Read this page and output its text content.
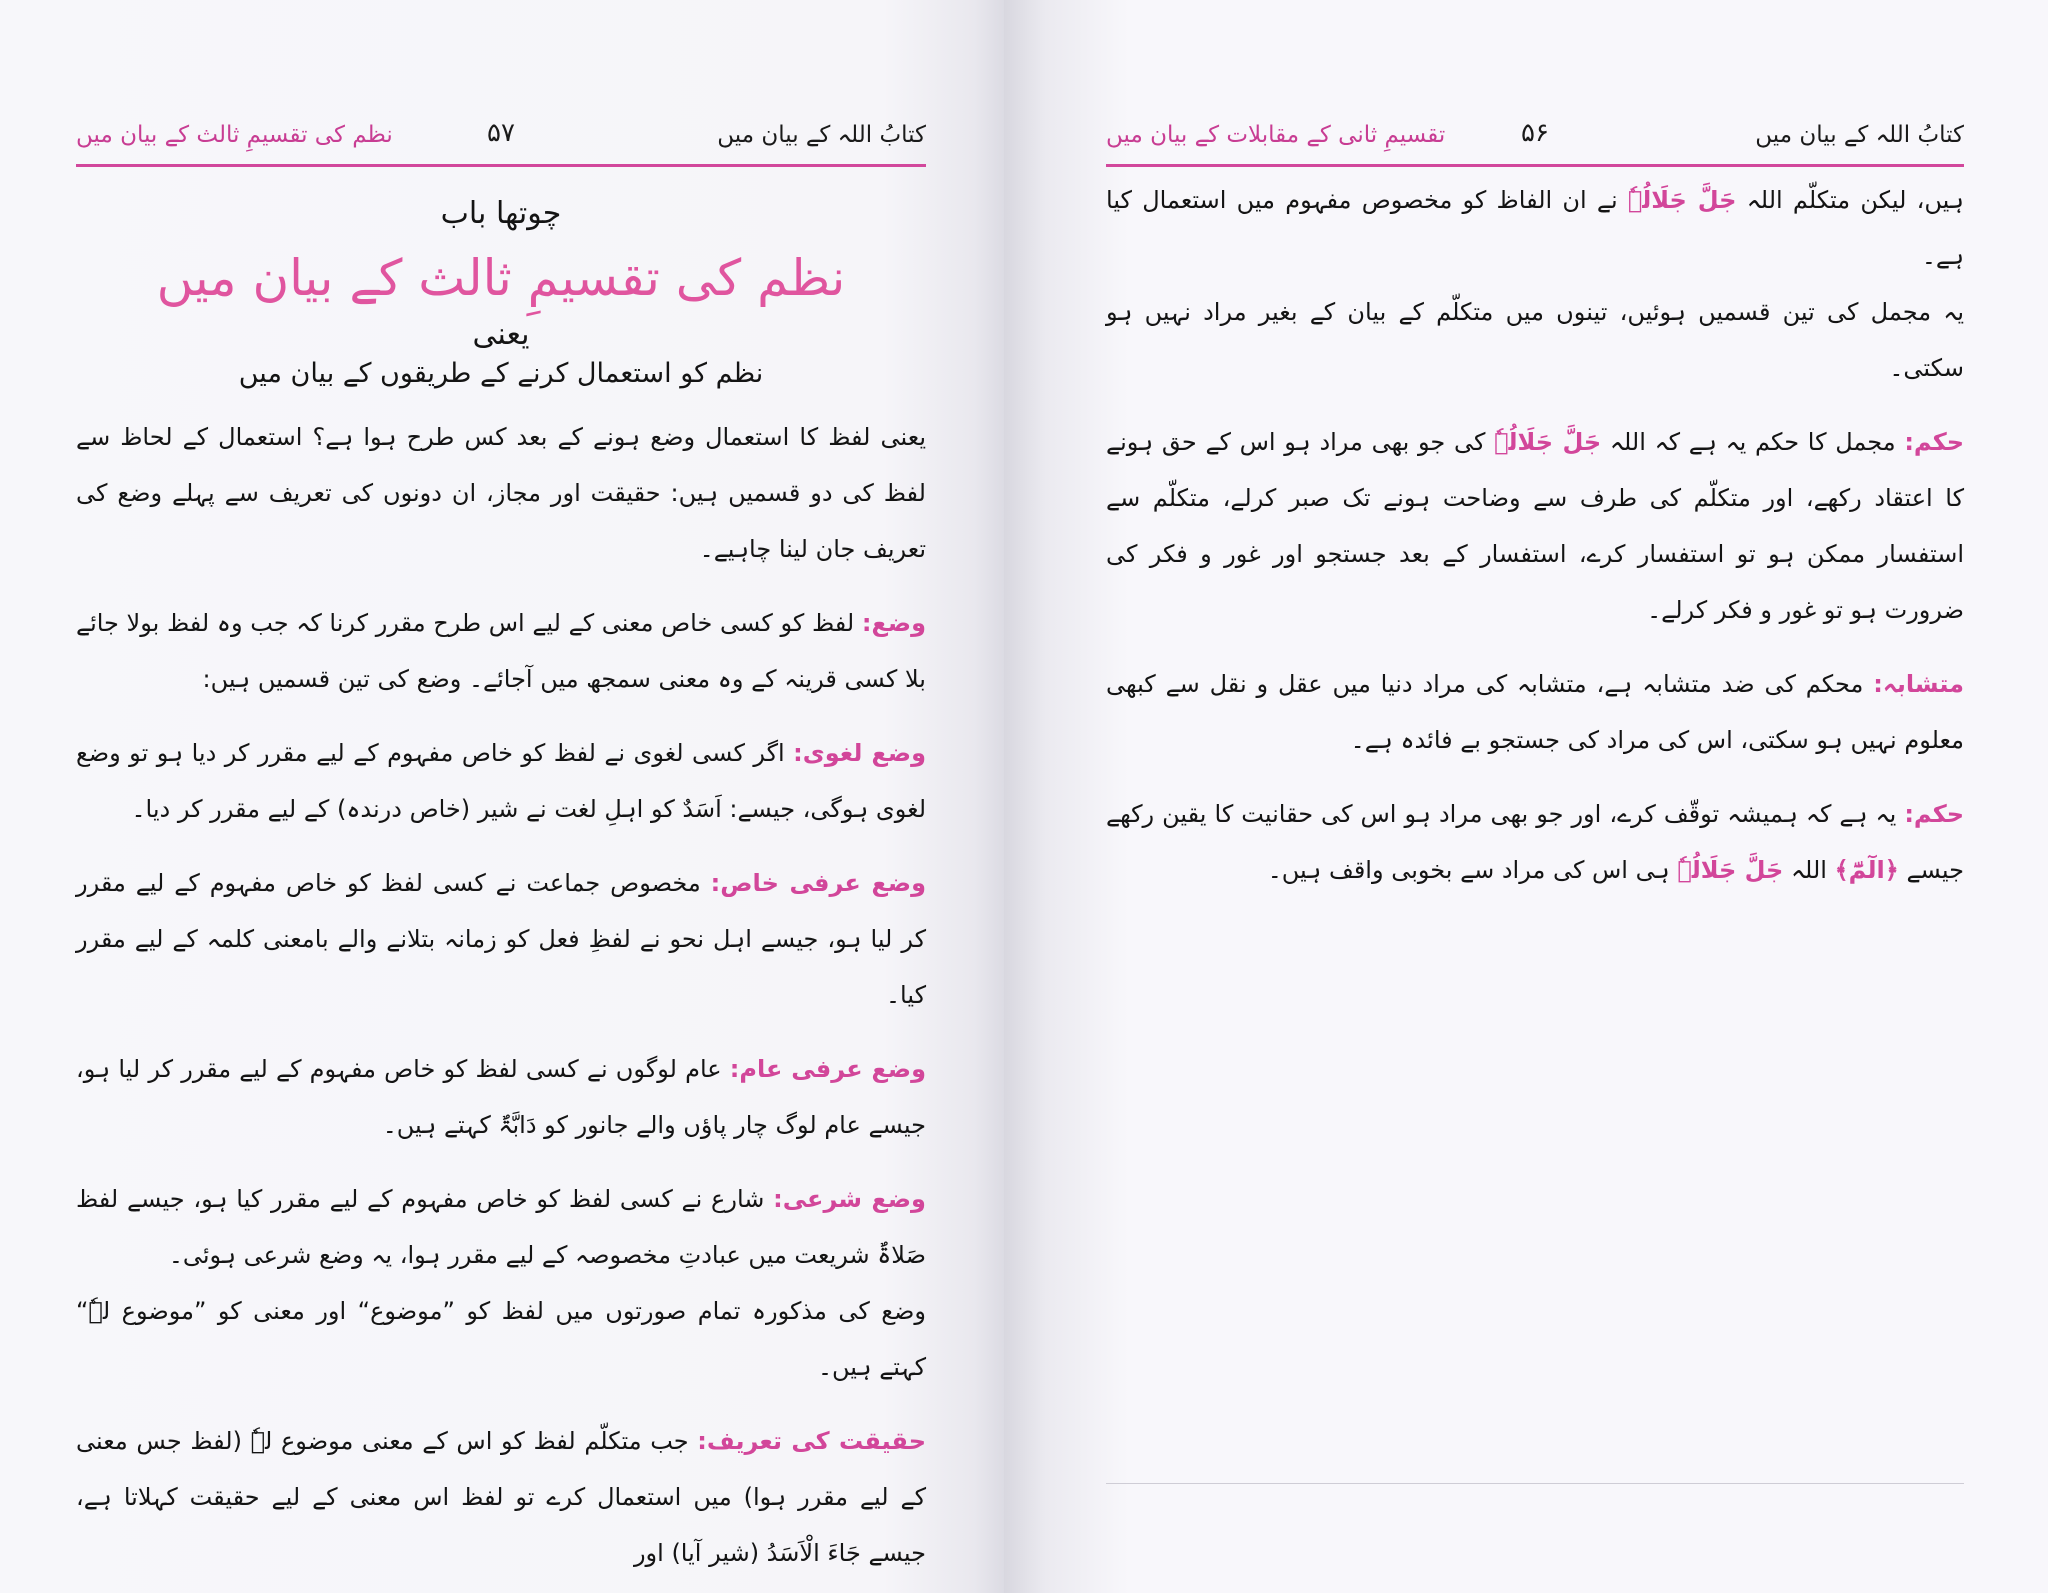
کتابُ اللہ کے بیان میں
۵۷
نظم کی تقسیمِ ثالث کے بیان میں
چوتھا باب
نظم کی تقسیمِ ثالث کے بیان میں
یعنی
نظم کو استعمال کرنے کے طریقوں کے بیان میں

یعنی لفظ کا استعمال وضع ہونے کے بعد کس طرح ہوا ہے؟ استعمال کے لحاظ سے لفظ کی دو قسمیں ہیں: حقیقت اور مجاز، ان دونوں کی تعریف سے پہلے وضع کی تعریف جان لینا چاہیے۔

وضع: لفظ کو کسی خاص معنی کے لیے اس طرح مقرر کرنا کہ جب وہ لفظ بولا جائے بلا کسی قرینہ کے وہ معنی سمجھ میں آجائے۔ وضع کی تین قسمیں ہیں:

وضع لغوی: اگر کسی لغوی نے لفظ کو خاص مفہوم کے لیے مقرر کر دیا ہو تو وضع لغوی ہوگی، جیسے: اَسَدٌ کو اہلِ لغت نے شیر (خاص درندہ) کے لیے مقرر کر دیا۔

وضع عرفی خاص: مخصوص جماعت نے کسی لفظ کو خاص مفہوم کے لیے مقرر کر لیا ہو، جیسے اہل نحو نے لفظِ فعل کو زمانہ بتلانے والے بامعنی کلمہ کے لیے مقرر کیا۔

وضع عرفی عام: عام لوگوں نے کسی لفظ کو خاص مفہوم کے لیے مقرر کر لیا ہو، جیسے عام لوگ چار پاؤں والے جانور کو دَابَّۃٌ کہتے ہیں۔

وضع شرعی: شارع نے کسی لفظ کو خاص مفہوم کے لیے مقرر کیا ہو، جیسے لفظ صَلاۃٌ شریعت میں عبادتِ مخصوصہ کے لیے مقرر ہوا، یہ وضع شرعی ہوئی۔

وضع کی مذکورہ تمام صورتوں میں لفظ کو ”موضوع“ اور معنی کو ”موضوع لہٗ“ کہتے ہیں۔

حقیقت کی تعریف: جب متکلّم لفظ کو اس کے معنی موضوع لہٗ (لفظ جس معنی کے لیے مقرر ہوا) میں استعمال کرے تو لفظ اس معنی کے لیے حقیقت کہلاتا ہے، جیسے جَاءَ الْاَسَدُ (شیر آیا) اور

کتابُ اللہ کے بیان میں
۵۶
تقسیمِ ثانی کے مقابلات کے بیان میں

ہیں، لیکن متکلّم اللہ جَلَّ جَلَالُہٗ نے ان الفاظ کو مخصوص مفہوم میں استعمال کیا ہے۔

یہ مجمل کی تین قسمیں ہوئیں، تینوں میں متکلّم کے بیان کے بغیر مراد نہیں ہو سکتی۔

حکم: مجمل کا حکم یہ ہے کہ اللہ جَلَّ جَلَالُہٗ کی جو بھی مراد ہو اس کے حق ہونے کا اعتقاد رکھے، اور متکلّم کی طرف سے وضاحت ہونے تک صبر کرلے، متکلّم سے استفسار ممکن ہو تو استفسار کرے، استفسار کے بعد جستجو اور غور و فکر کی ضرورت ہو تو غور و فکر کرلے۔

متشابہ: محکم کی ضد متشابہ ہے، متشابہ کی مراد دنیا میں عقل و نقل سے کبھی معلوم نہیں ہو سکتی، اس کی مراد کی جستجو بے فائدہ ہے۔

حکم: یہ ہے کہ ہمیشہ توقّف کرے، اور جو بھی مراد ہو اس کی حقانیت کا یقین رکھے جیسے ﴿الٓمّٓ﴾ اللہ جَلَّ جَلَالُہٗ ہی اس کی مراد سے بخوبی واقف ہیں۔
